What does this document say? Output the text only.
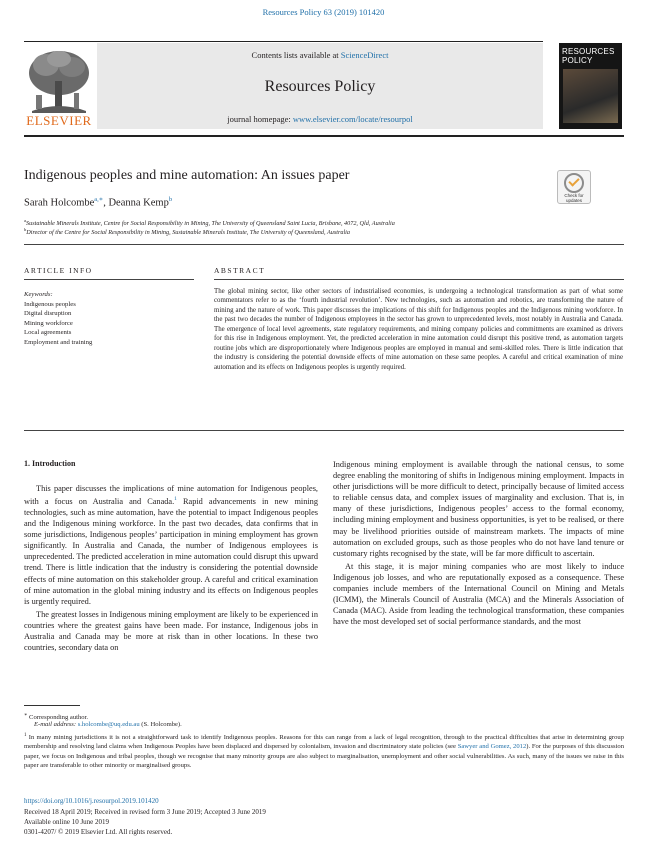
Resources Policy 63 (2019) 101420
ELSEVIER
Contents lists available at ScienceDirect
Resources Policy
journal homepage: www.elsevier.com/locate/resourpol
RESOURCES
POLICY
Indigenous peoples and mine automation: An issues paper
Check for
updates
Sarah Holcombe$^{a,∗}$, Deanna Kemp$^b$
$^a$Sustainable Minerals Institute, Centre for Social Responsibility in Mining, The University of Queensland Saint Lucia, Brisbane, 4072, Qld, Australia
$^b$Director of the Centre for Social Responsibility in Mining, Sustainable Minerals Institute, The University of Queensland, Australia
ARTICLE INFO	ABSTRACT
Keywords:
Indigenous peoples
Digital disruption
Mining workforce
Local agreements
Employment and training
The global mining sector, like other sectors of industrialised economies, is undergoing a technological transformation as part of what some commentators refer to as the ‘fourth industrial revolution’. New technologies, such as automation and robotics, are transforming the nature of mining and the nature of work. This paper discusses the implications of this shift for Indigenous peoples and the Indigenous mining workforce. In the past two decades the number of Indigenous employees in the sector has grown to unprecedented levels, most notably in Australia and Canada. The emergence of local level agreements, state regulatory requirements, and mining company policies and commitments are examined as drivers for this rise in Indigenous employment. Yet, the predicted acceleration in mine automation could disrupt this positive trend, as automation targets routine jobs which are disproportionately where Indigenous peoples are employed in manual and semi-skilled roles. There is little indication that the industry is considering the potential downside effects of mine automation on these same peoples. A careful and critical examination of mine automation and its effects on Indigenous peoples is urgently required.
1. Introduction

This paper discusses the implications of mine automation for Indigenous peoples, with a focus on Australia and Canada.$^1$ Rapid advancements in new mining technologies, such as mine automation, have the potential to impact Indigenous peoples and the Indigenous mining workforce. In the past two decades, data confirms that in some jurisdictions, Indigenous peoples’ participation in mining employment has grown significantly. In Australia and Canada, the number of Indigenous employees is unprecedented. The predicted acceleration in mine automation could disrupt this upward trend. There is little indication that the industry is considering the potential downside effects of mine automation on this stakeholder group. A careful and critical examination of mine automation in the global mining industry and its effects on Indigenous peoples is urgently required.

The greatest losses in Indigenous mining employment are likely to be experienced in countries where the greatest gains have been made. For instance, Indigenous jobs in Australia and Canada may be more at risk than in other locations. In these two countries, secondary data on

Indigenous mining employment is available through the national census, to some degree enabling the monitoring of shifts in Indigenous mining employment. Impacts in other jurisdictions will be more difficult to detect, principally because of limited access to reliable census data, and complex issues of marginality and exclusion. That is, in many of these jurisdictions, Indigenous peoples’ access to the formal economy, including mining employment and business opportunities, is yet to be realised, or there may be livelihood priorities outside of mainstream markets. The impacts of mine automation on excluded groups, such as those peoples who do not have land tenure or customary rights recognised by the state, will be far more difficult to ascertain.

At this stage, it is major mining companies who are most likely to induce Indigenous job losses, and who are reputationally exposed as a consequence. These companies include members of the International Council on Mining and Metals (ICMM), the Minerals Council of Australia (MCA) and the Minerals Association of Canada (MAC). Aside from leading the technological transformation, these companies have the most developed set of social performance standards, and the most

∗ Corresponding author.
E-mail address: s.holcombe@uq.edu.au (S. Holcombe).
$^1$ In many mining jurisdictions it is not a straightforward task to identify Indigenous peoples. Reasons for this can range from a lack of legal recognition, through to the practical difficulties that arise in determining group membership and resolving land claims when Indigenous Peoples have been displaced and dispersed by colonialism, invasion and discriminatory state policies (see Sawyer and Gomez, 2012). For the purposes of this discussion paper, we focus on Indigenous and tribal peoples, though we recognise that many minority groups are also subject to marginalisation, unemployment and other social vulnerabilities. As such, many of the issues we raise in this paper are transferable to other minority or marginalised groups.
https://doi.org/10.1016/j.resourpol.2019.101420
Received 18 April 2019; Received in revised form 3 June 2019; Accepted 3 June 2019
Available online 10 June 2019
0301-4207/ © 2019 Elsevier Ltd. All rights reserved.
